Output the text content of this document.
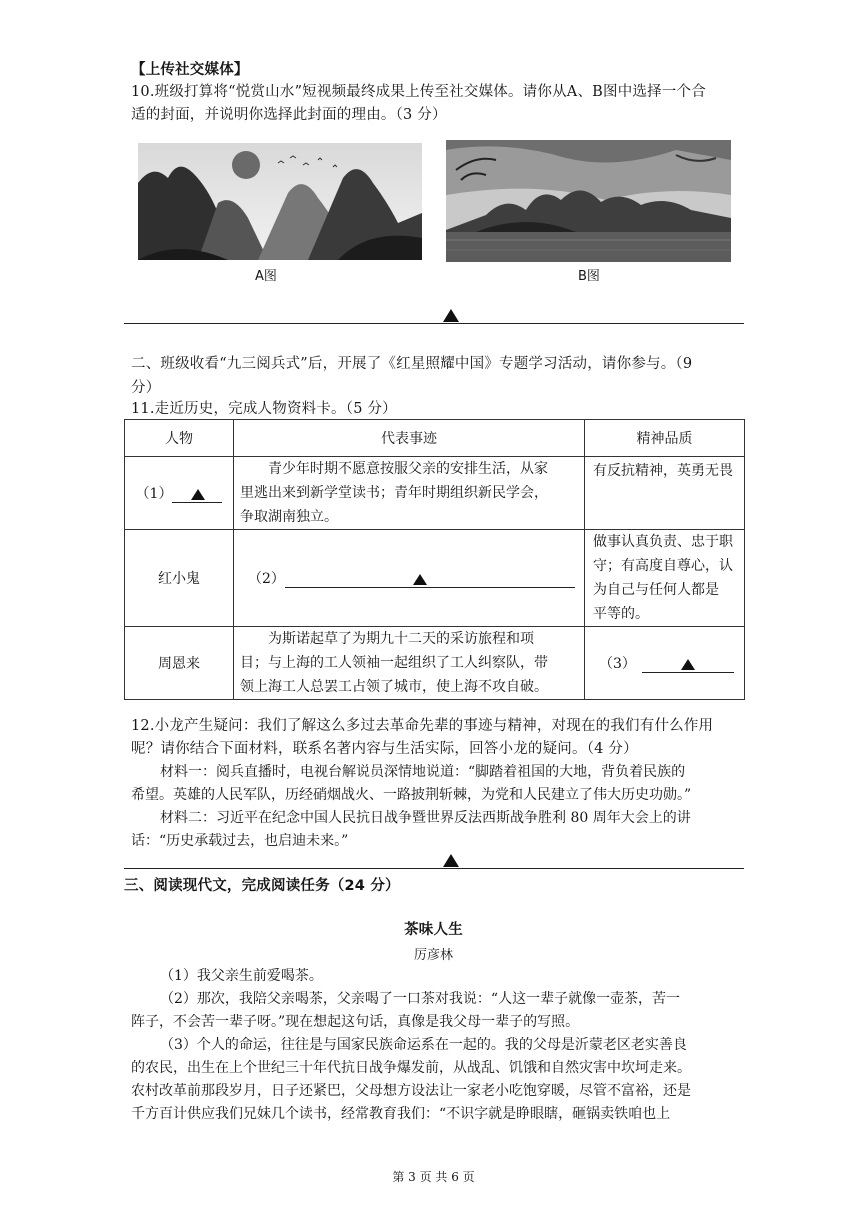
【上传社交媒体】
10.班级打算将“悦赏山水”短视频最终成果上传至社交媒体。请你从A、B图中选择一个合
适的封面，并说明你选择此封面的理由。（3 分）
A图	B图
二、班级收看“九三阅兵式”后，开展了《红星照耀中国》专题学习活动，请你参与。（9
分）
11.走近历史，完成人物资料卡。（5 分）
人物	代表事迹	精神品质
（1）	青少年时期不愿意按服父亲的安排生活，从家
里逃出来到新学堂读书；青年时期组织新民学会，
争取湖南独立。	有反抗精神，英勇无畏

红小鬼	（2）	做事认真负责、忠于职
守；有高度自尊心，认
为自己与任何人都是
平等的。

周恩来	为斯诺起草了为期九十二天的采访旅程和项
目；与上海的工人领袖一起组织了工人纠察队，带
领上海工人总罢工占领了城市，使上海不攻自破。	（3）
12.小龙产生疑问：我们了解这么多过去革命先辈的事迹与精神，对现在的我们有什么作用
呢？请你结合下面材料，联系名著内容与生活实际，回答小龙的疑问。（4 分）
材料一：阅兵直播时，电视台解说员深情地说道：“脚踏着祖国的大地，背负着民族的
希望。英雄的人民军队，历经硝烟战火、一路披荆斩棘，为党和人民建立了伟大历史功勋。”
材料二：习近平在纪念中国人民抗日战争暨世界反法西斯战争胜利 80 周年大会上的讲
话：“历史承载过去，也启迪未来。”
三、阅读现代文，完成阅读任务（24 分）
茶味人生
厉彦林
（1）我父亲生前爱喝茶。
（2）那次，我陪父亲喝茶，父亲喝了一口茶对我说：“人这一辈子就像一壶茶，苦一
阵子，不会苦一辈子呀。”现在想起这句话，真像是我父母一辈子的写照。
（3）个人的命运，往往是与国家民族命运系在一起的。我的父母是沂蒙老区老实善良
的农民，出生在上个世纪三十年代抗日战争爆发前，从战乱、饥饿和自然灾害中坎坷走来。
农村改革前那段岁月，日子还紧巴，父母想方设法让一家老小吃饱穿暖，尽管不富裕，还是
千方百计供应我们兄妹几个读书，经常教育我们：“不识字就是睁眼瞎，砸锅卖铁咱也上
第 3 页 共 6 页
